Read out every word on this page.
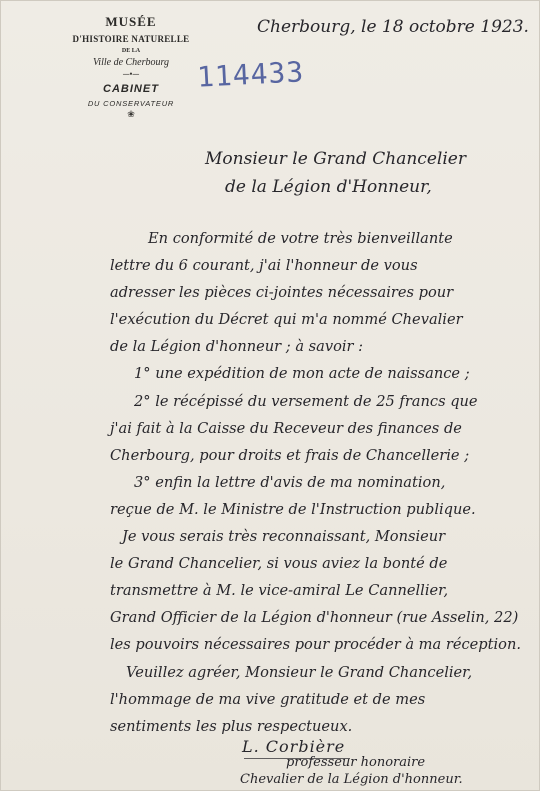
MUSÉE
D'HISTOIRE NATURELLE
DE LA
Ville de Cherbourg
─•─
CABINET
DU CONSERVATEUR
❀
114433
Cherbourg, le 18 octobre 1923.
Monsieur le Grand Chancelier
de la Légion d'Honneur,
En conformité de votre très bienveillante
lettre du 6 courant, j'ai l'honneur de vous
adresser les pièces ci-jointes nécessaires pour
l'exécution du Décret qui m'a nommé Chevalier
de la Légion d'honneur ; à savoir :
1° une expédition de mon acte de naissance ;
2° le récépissé du versement de 25 francs que
j'ai fait à la Caisse du Receveur des finances de
Cherbourg, pour droits et frais de Chancellerie ;
3° enfin la lettre d'avis de ma nomination,
reçue de M. le Ministre de l'Instruction publique.
Je vous serais très reconnaissant, Monsieur
le Grand Chancelier, si vous aviez la bonté de
transmettre à M. le vice-amiral Le Cannellier,
Grand Officier de la Légion d'honneur (rue Asselin, 22)
les pouvoirs nécessaires pour procéder à ma réception.
Veuillez agréer, Monsieur le Grand Chancelier,
l'hommage de ma vive gratitude et de mes
sentiments les plus respectueux.
L. Corbière
professeur honoraire
Chevalier de la Légion d'honneur.
